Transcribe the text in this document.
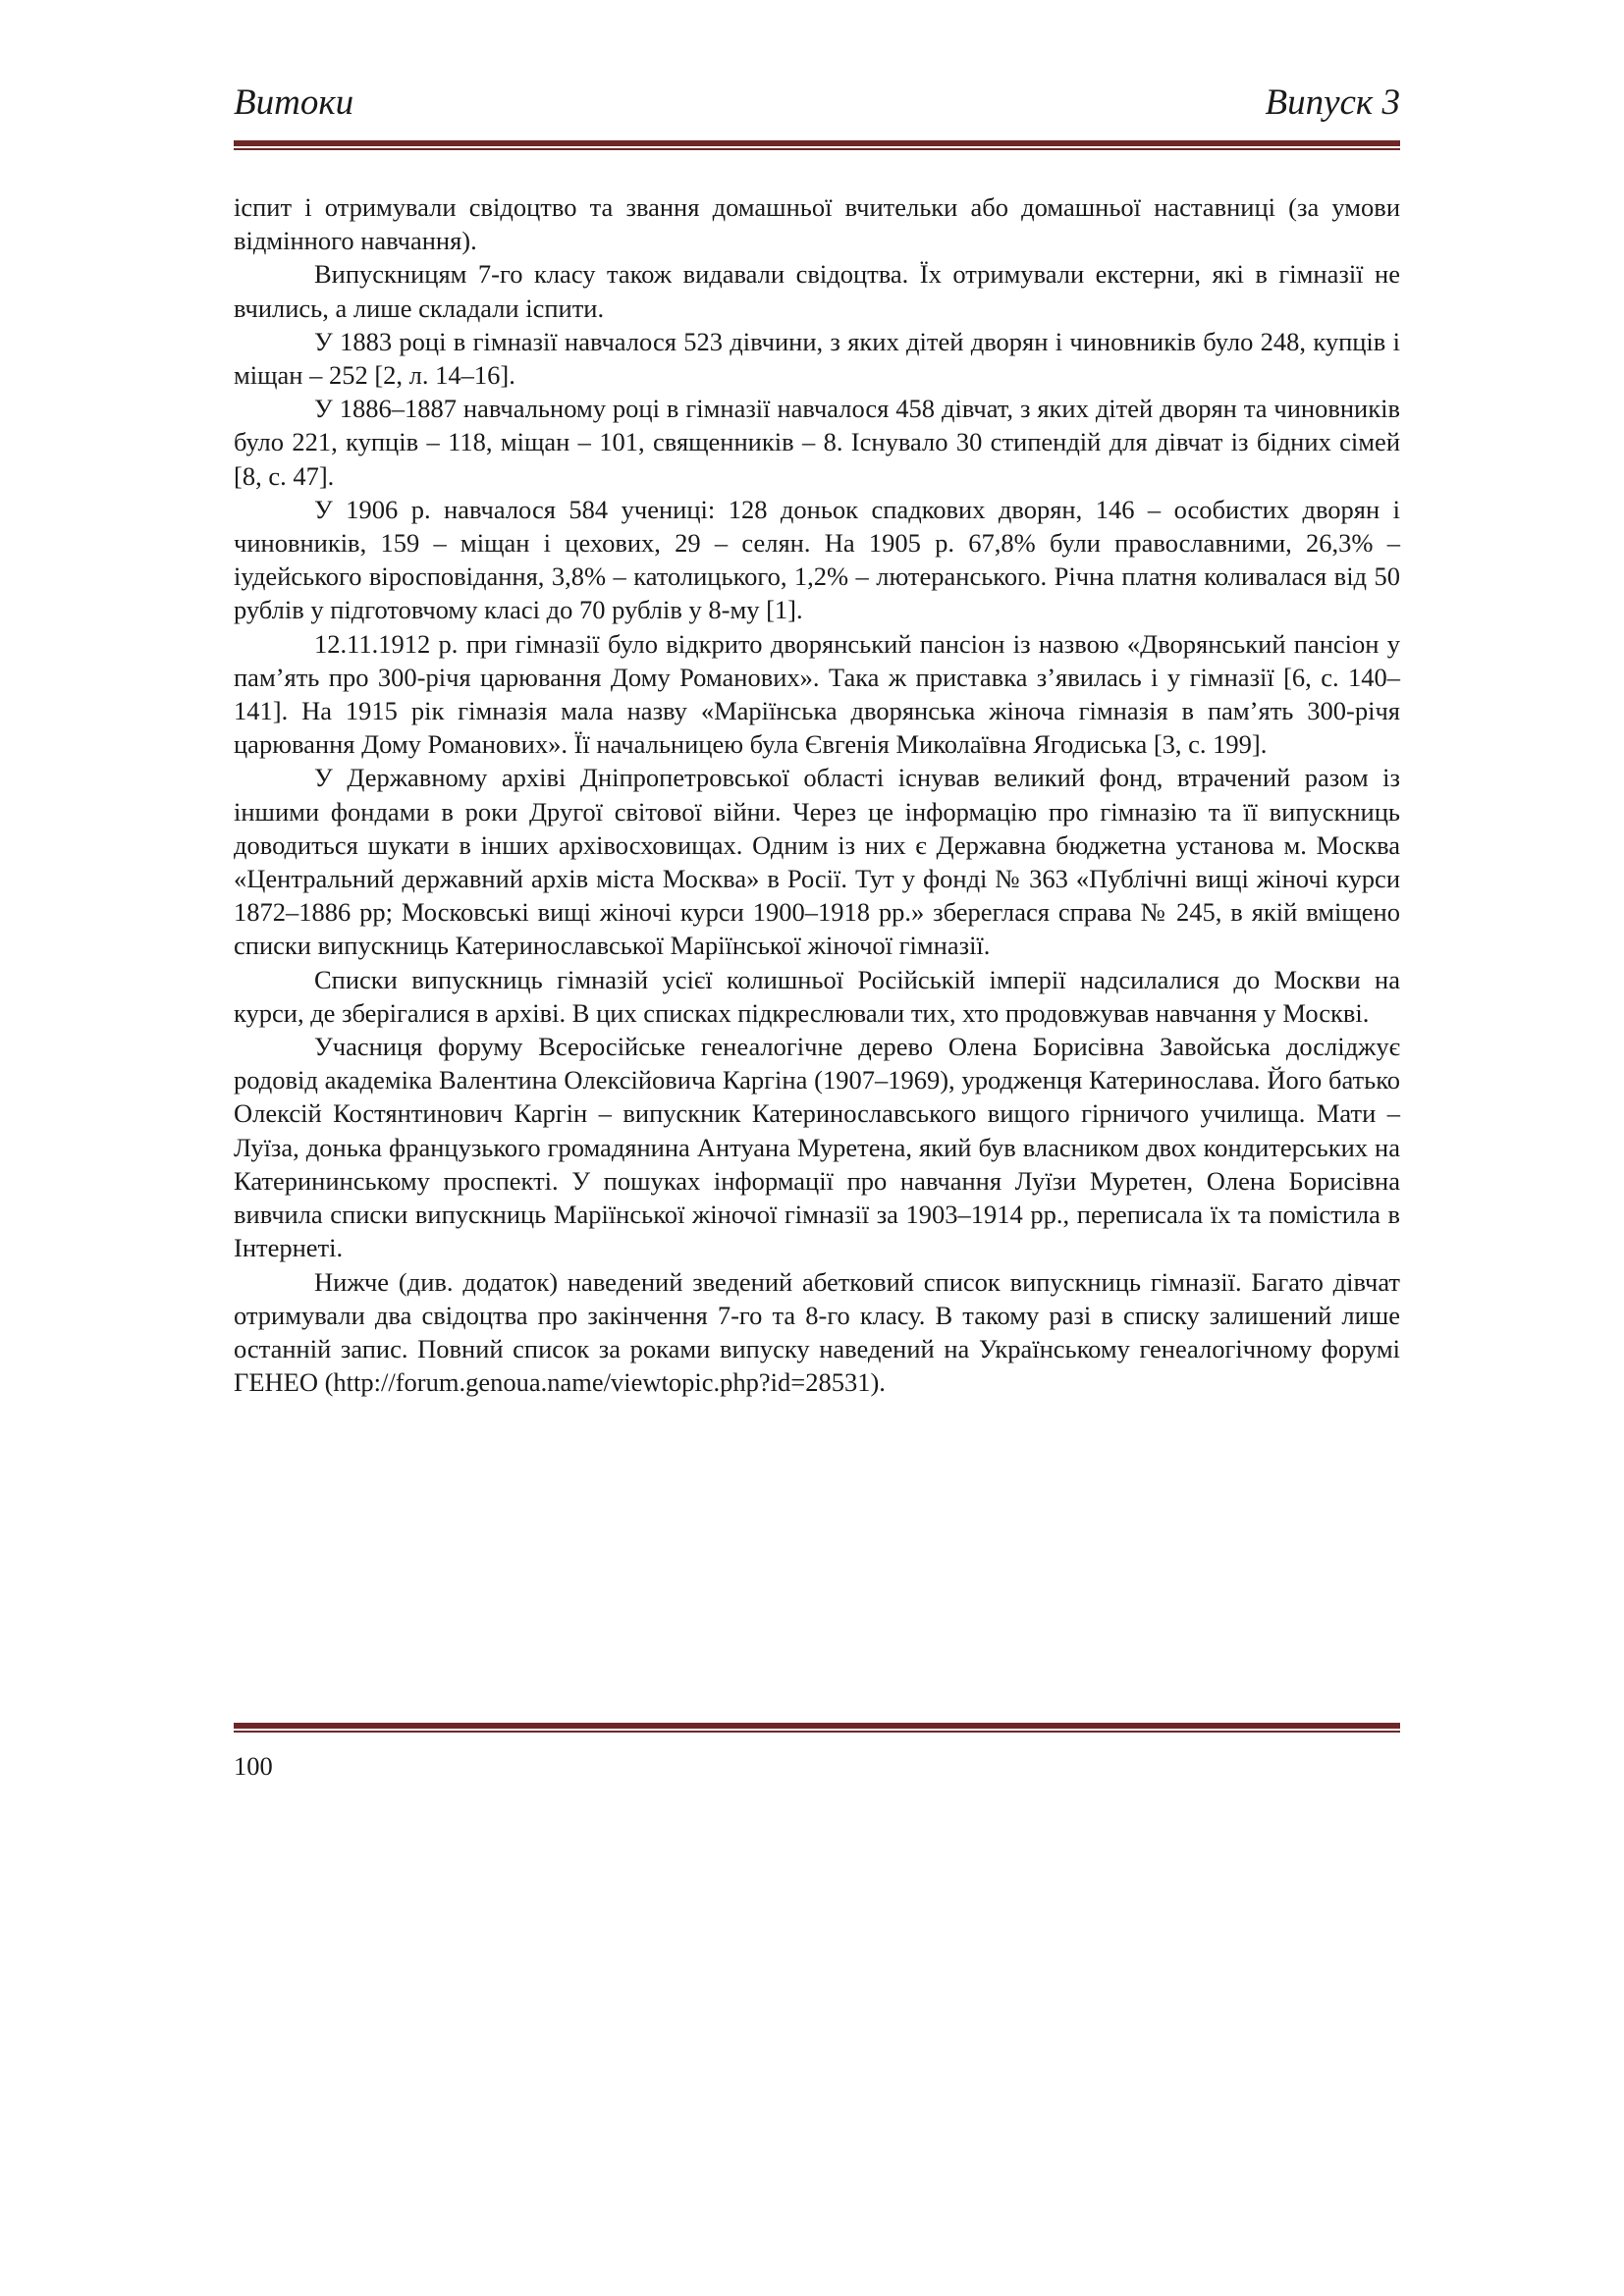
Витоки	Випуск 3

іспит і отримували свідоцтво та звання домашньої вчительки або домашньої наставниці (за умови відмінного навчання).

Випускницям 7-го класу також видавали свідоцтва. Їх отримували екстерни, які в гімназії не вчились, а лише складали іспити.

У 1883 році в гімназії навчалося 523 дівчини, з яких дітей дворян і чиновників було 248, купців і міщан – 252 [2, л. 14–16].

У 1886–1887 навчальному році в гімназії навчалося 458 дівчат, з яких дітей дворян та чиновників було 221, купців – 118, міщан – 101, священників – 8. Існувало 30 стипендій для дівчат із бідних сімей [8, с. 47].

У 1906 р. навчалося 584 учениці: 128 доньок спадкових дворян, 146 – особистих дворян і чиновників, 159 – міщан і цехових, 29 – селян. На 1905 р. 67,8% були православними, 26,3% – іудейського віросповідання, 3,8% – католицького, 1,2% – лютеранського. Річна платня коливалася від 50 рублів у підготовчому класі до 70 рублів у 8-му [1].

12.11.1912 р. при гімназії було відкрито дворянський пансіон із назвою «Дворянський пансіон у пам’ять про 300-річя царювання Дому Романових». Така ж приставка з’явилась і у гімназії [6, с. 140–141]. На 1915 рік гімназія мала назву «Маріїнська дворянська жіноча гімназія в пам’ять 300-річя царювання Дому Романових». Її начальницею була Євгенія Миколаївна Ягодиська [3, с. 199].

У Державному архіві Дніпропетровської області існував великий фонд, втрачений разом із іншими фондами в роки Другої світової війни. Через це інформацію про гімназію та її випускниць доводиться шукати в інших архівосховищах. Одним із них є Державна бюджетна установа м. Москва «Центральний державний архів міста Москва» в Росії. Тут у фонді № 363 «Публічні вищі жіночі курси 1872–1886 рр; Московські вищі жіночі курси 1900–1918 рр.» збереглася справа № 245, в якій вміщено списки випускниць Катеринославської Маріїнської жіночої гімназії.

Списки випускниць гімназій усієї колишньої Російській імперії надсилалися до Москви на курси, де зберігалися в архіві. В цих списках підкреслювали тих, хто продовжував навчання у Москві.

Учасниця форуму Всеросійське генеалогічне дерево Олена Борисівна Завойська досліджує родовід академіка Валентина Олексійовича Каргіна (1907–1969), уродженця Катеринослава. Його батько Олексій Костянтинович Каргін – випускник Катеринославського вищого гірничого училища. Мати – Луїза, донька французького громадянина Антуана Муретена, який був власником двох кондитерських на Катерининському проспекті. У пошуках інформації про навчання Луїзи Муретен, Олена Борисівна вивчила списки випускниць Маріїнської жіночої гімназії за 1903–1914 рр., переписала їх та помістила в Інтернеті.

Нижче (див. додаток) наведений зведений абетковий список випускниць гімназії. Багато дівчат отримували два свідоцтва про закінчення 7-го та 8-го класу. В такому разі в списку залишений лише останній запис. Повний список за роками випуску наведений на Українському генеалогічному форумі ГЕНЕО (http://forum.genoua.name/viewtopic.php?id=28531).

100
